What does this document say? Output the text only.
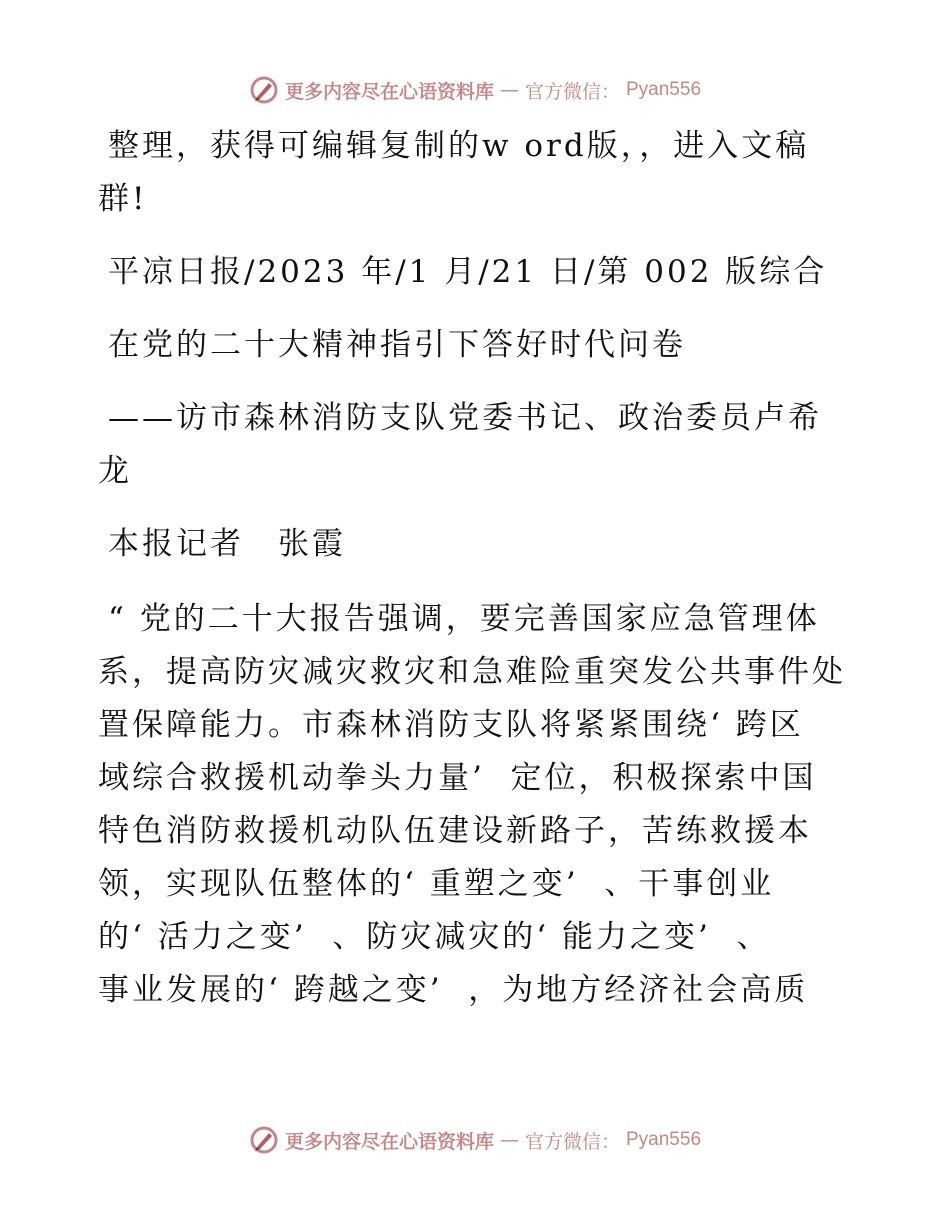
更多内容尽在心语资料库 — 官方微信： Pyan556

整理，获得可编辑复制的w ord版，，进入文稿

群!

平凉日报/2023 年/1 月/21 日/第 002 版综合

在党的二十大精神指引下答好时代问卷

——访市森林消防支队党委书记、政治委员卢希

龙

本报记者　张霞

“ 党的二十大报告强调，要完善国家应急管理体

系，提高防灾减灾救灾和急难险重突发公共事件处

置保障能力。市森林消防支队将紧紧围绕‘ 跨区

域综合救援机动拳头力量’  定位，积极探索中国

特色消防救援机动队伍建设新路子，苦练救援本

领，实现队伍整体的‘ 重塑之变’  、干事创业

的‘ 活力之变’  、防灾减灾的‘ 能力之变’  、

事业发展的‘ 跨越之变’  ，为地方经济社会高质

更多内容尽在心语资料库 — 官方微信： Pyan556
